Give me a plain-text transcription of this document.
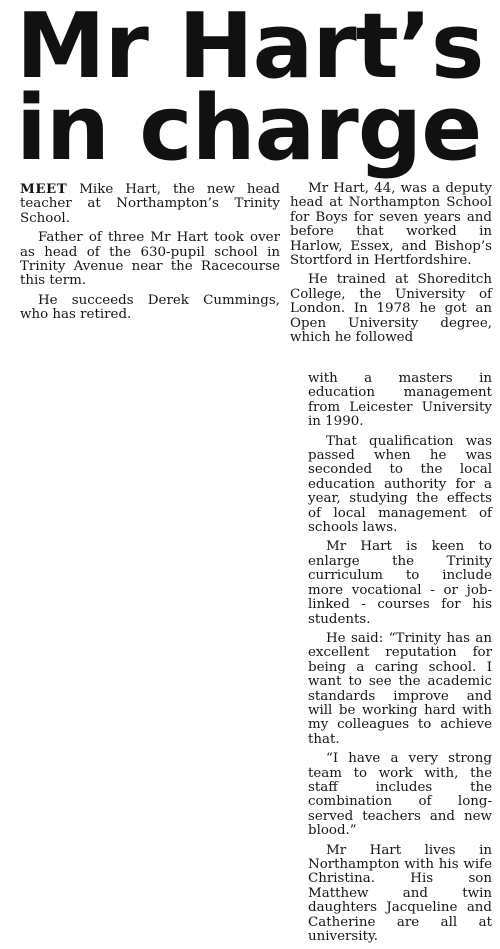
Mr Hart’s
in charge

MEET Mike Hart, the new head teacher at Northampton’s Trinity School.

Father of three Mr Hart took over as head of the 630-pupil school in Trinity Avenue near the Racecourse this term.

He succeeds Derek Cummings, who has retired.

Mr Hart, 44, was a deputy head at Northampton School for Boys for seven years and before that worked in Harlow, Essex, and Bishop’s Stortford in Hertfordshire.

He trained at Shoreditch College, the University of London. In 1978 he got an Open University degree, which he followed

with a masters in education management from Leicester University in 1990.

That qualification was passed when he was seconded to the local education authority for a year, studying the effects of local management of schools laws.

Mr Hart is keen to enlarge the Trinity curriculum to include more vocational - or job-linked - courses for his students.

He said: “Trinity has an excellent reputation for being a caring school. I want to see the academic standards improve and will be working hard with my colleagues to achieve that.

“I have a very strong team to work with, the staff includes the combination of long-served teachers and new blood.”

Mr Hart lives in Northampton with his wife Christina. His son Matthew and twin daughters Jacqueline and Catherine are all at university.
